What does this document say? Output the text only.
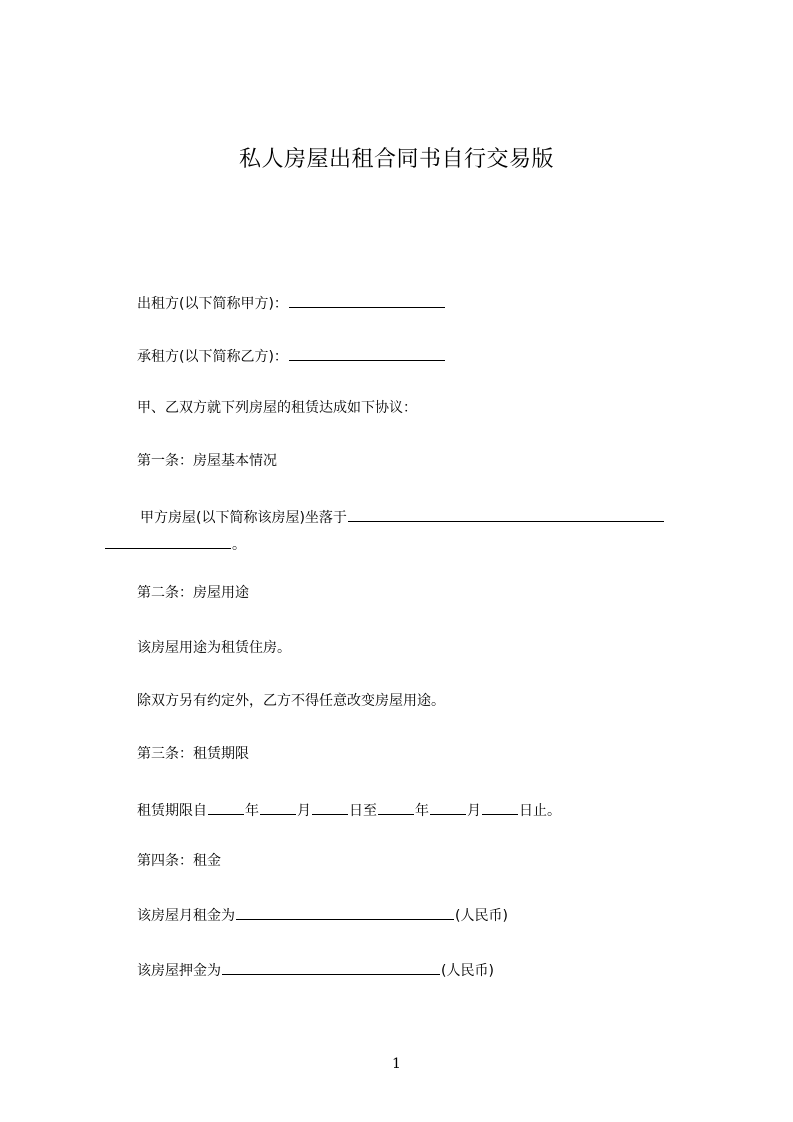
私人房屋出租合同书自行交易版
出租方(以下简称甲方)：
承租方(以下简称乙方)：
甲、乙双方就下列房屋的租赁达成如下协议：
第一条：房屋基本情况
甲方房屋(以下简称该房屋)坐落于
。
第二条：房屋用途
该房屋用途为租赁住房。
除双方另有约定外，乙方不得任意改变房屋用途。
第三条：租赁期限
租赁期限自	年	月	日至	年	月	日止。
第四条：租金
该房屋月租金为	(人民币)
该房屋押金为	(人民币)
1
